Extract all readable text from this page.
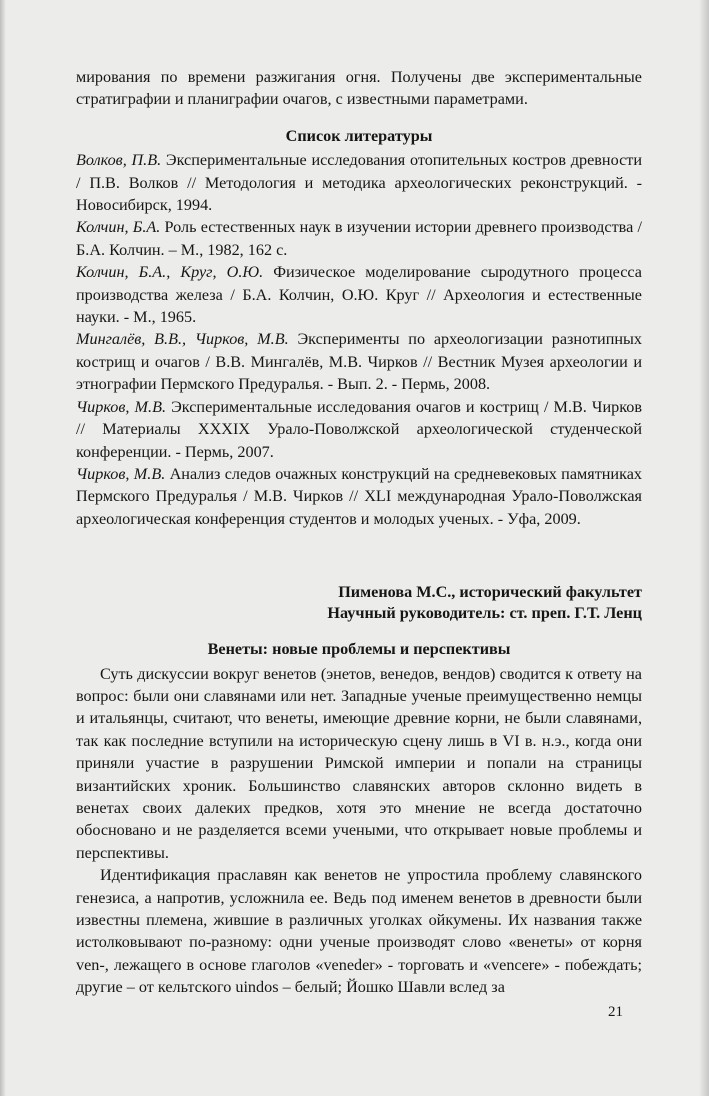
мирования по времени разжигания огня. Получены две экспериментальные стратиграфии и планиграфии очагов, с известными параметрами.

Список литературы

Волков, П.В. Экспериментальные исследования отопительных костров древности / П.В. Волков // Методология и методика археологических реконструкций. - Новосибирск, 1994.

Колчин, Б.А. Роль естественных наук в изучении истории древнего производства / Б.А. Колчин. – М., 1982, 162 с.

Колчин, Б.А., Круг, О.Ю. Физическое моделирование сыродутного процесса производства железа / Б.А. Колчин, О.Ю. Круг // Археология и естественные науки. - М., 1965.

Мингалёв, В.В., Чирков, М.В. Эксперименты по археологизации разнотипных кострищ и очагов / В.В. Мингалёв, М.В. Чирков // Вестник Музея археологии и этнографии Пермского Предуралья. - Вып. 2. - Пермь, 2008.

Чирков, М.В. Экспериментальные исследования очагов и кострищ / М.В. Чирков // Материалы XXXIX Урало-Поволжской археологической студенческой конференции. - Пермь, 2007.

Чирков, М.В. Анализ следов очажных конструкций на средневековых памятниках Пермского Предуралья / М.В. Чирков // XLI международная Урало-Поволжская археологическая конференция студентов и молодых ученых. - Уфа, 2009.

Пименова М.С., исторический факультет
Научный руководитель: ст. преп. Г.Т. Ленц
Венеты: новые проблемы и перспективы

Суть дискуссии вокруг венетов (энетов, венедов, вендов) сводится к ответу на вопрос: были они славянами или нет. Западные ученые преимущественно немцы и итальянцы, считают, что венеты, имеющие древние корни, не были славянами, так как последние вступили на историческую сцену лишь в VI в. н.э., когда они приняли участие в разрушении Римской империи и попали на страницы византийских хроник. Большинство славянских авторов склонно видеть в венетах своих далеких предков, хотя это мнение не всегда достаточно обосновано и не разделяется всеми учеными, что открывает новые проблемы и перспективы.

Идентификация праславян как венетов не упростила проблему славянского генезиса, а напротив, усложнила ее. Ведь под именем венетов в древности были известны племена, жившие в различных уголках ойкумены. Их названия также истолковывают по-разному: одни ученые производят слово «венеты» от корня ven-, лежащего в основе глаголов «veneder» - торговать и «vencere» - побеждать; другие – от кельтского uindos – белый; Йошко Шавли вслед за

21
